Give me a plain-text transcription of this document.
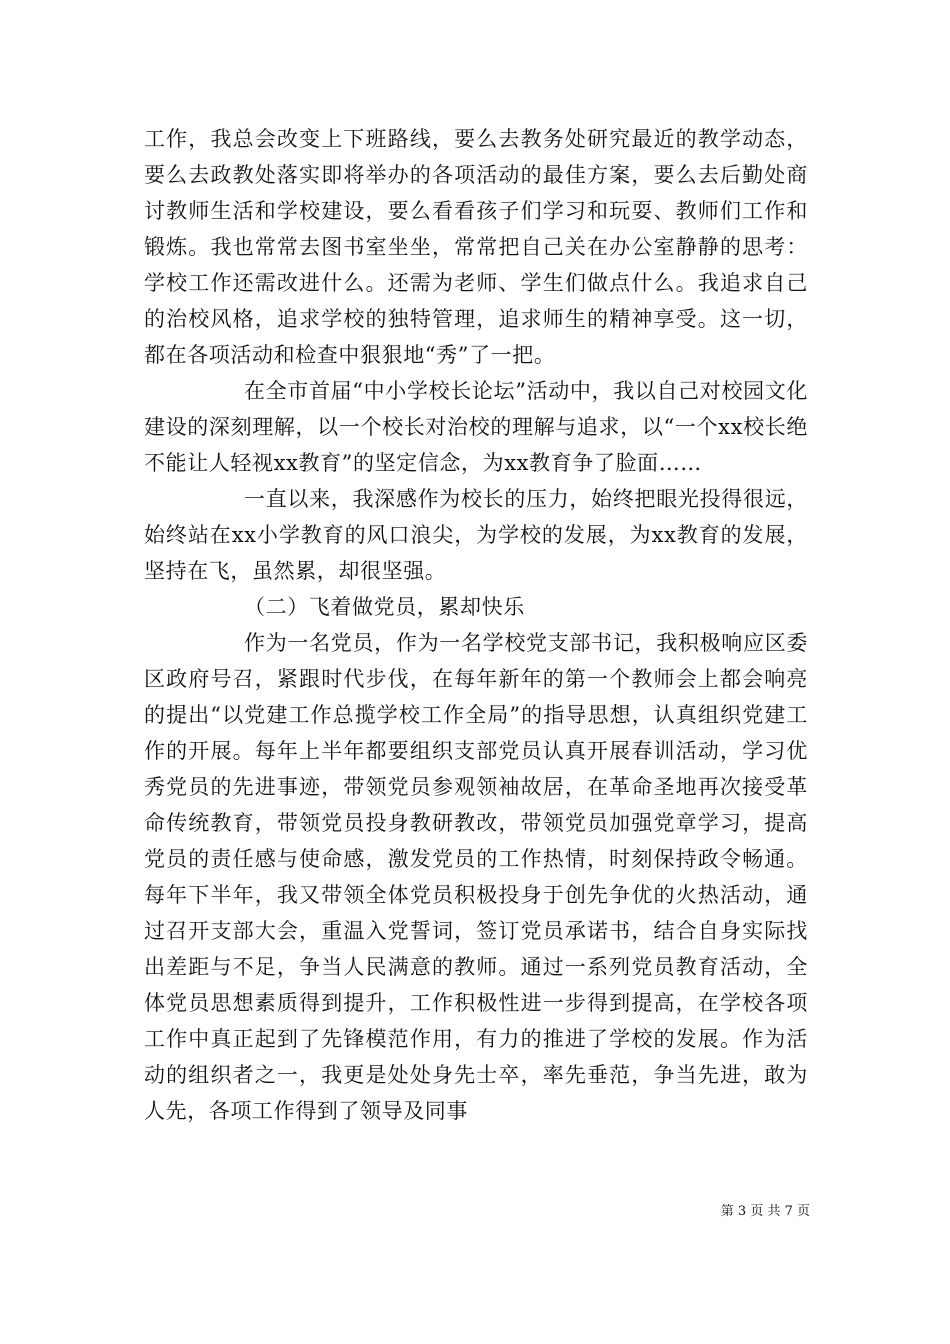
工作，我总会改变上下班路线，要么去教务处研究最近的教学动态，要么去政教处落实即将举办的各项活动的最佳方案，要么去后勤处商讨教师生活和学校建设，要么看看孩子们学习和玩耍、教师们工作和锻炼。我也常常去图书室坐坐，常常把自己关在办公室静静的思考：学校工作还需改进什么。还需为老师、学生们做点什么。我追求自己的治校风格，追求学校的独特管理，追求师生的精神享受。这一切，都在各项活动和检查中狠狠地“秀”了一把。

在全市首届“中小学校长论坛”活动中，我以自己对校园文化建设的深刻理解，以一个校长对治校的理解与追求，以“一个xx校长绝不能让人轻视xx教育”的坚定信念，为xx教育争了脸面……

一直以来，我深感作为校长的压力，始终把眼光投得很远，始终站在xx小学教育的风口浪尖，为学校的发展，为xx教育的发展，坚持在飞，虽然累，却很坚强。

（二）飞着做党员，累却快乐

作为一名党员，作为一名学校党支部书记，我积极响应区委区政府号召，紧跟时代步伐，在每年新年的第一个教师会上都会响亮的提出“以党建工作总揽学校工作全局”的指导思想，认真组织党建工作的开展。每年上半年都要组织支部党员认真开展春训活动，学习优秀党员的先进事迹，带领党员参观领袖故居，在革命圣地再次接受革命传统教育，带领党员投身教研教改，带领党员加强党章学习，提高党员的责任感与使命感，激发党员的工作热情，时刻保持政令畅通。每年下半年，我又带领全体党员积极投身于创先争优的火热活动，通过召开支部大会，重温入党誓词，签订党员承诺书，结合自身实际找出差距与不足，争当人民满意的教师。通过一系列党员教育活动，全体党员思想素质得到提升，工作积极性进一步得到提高，在学校各项工作中真正起到了先锋模范作用，有力的推进了学校的发展。作为活动的组织者之一，我更是处处身先士卒，率先垂范，争当先进，敢为人先，各项工作得到了领导及同事

第 3 页 共 7 页
